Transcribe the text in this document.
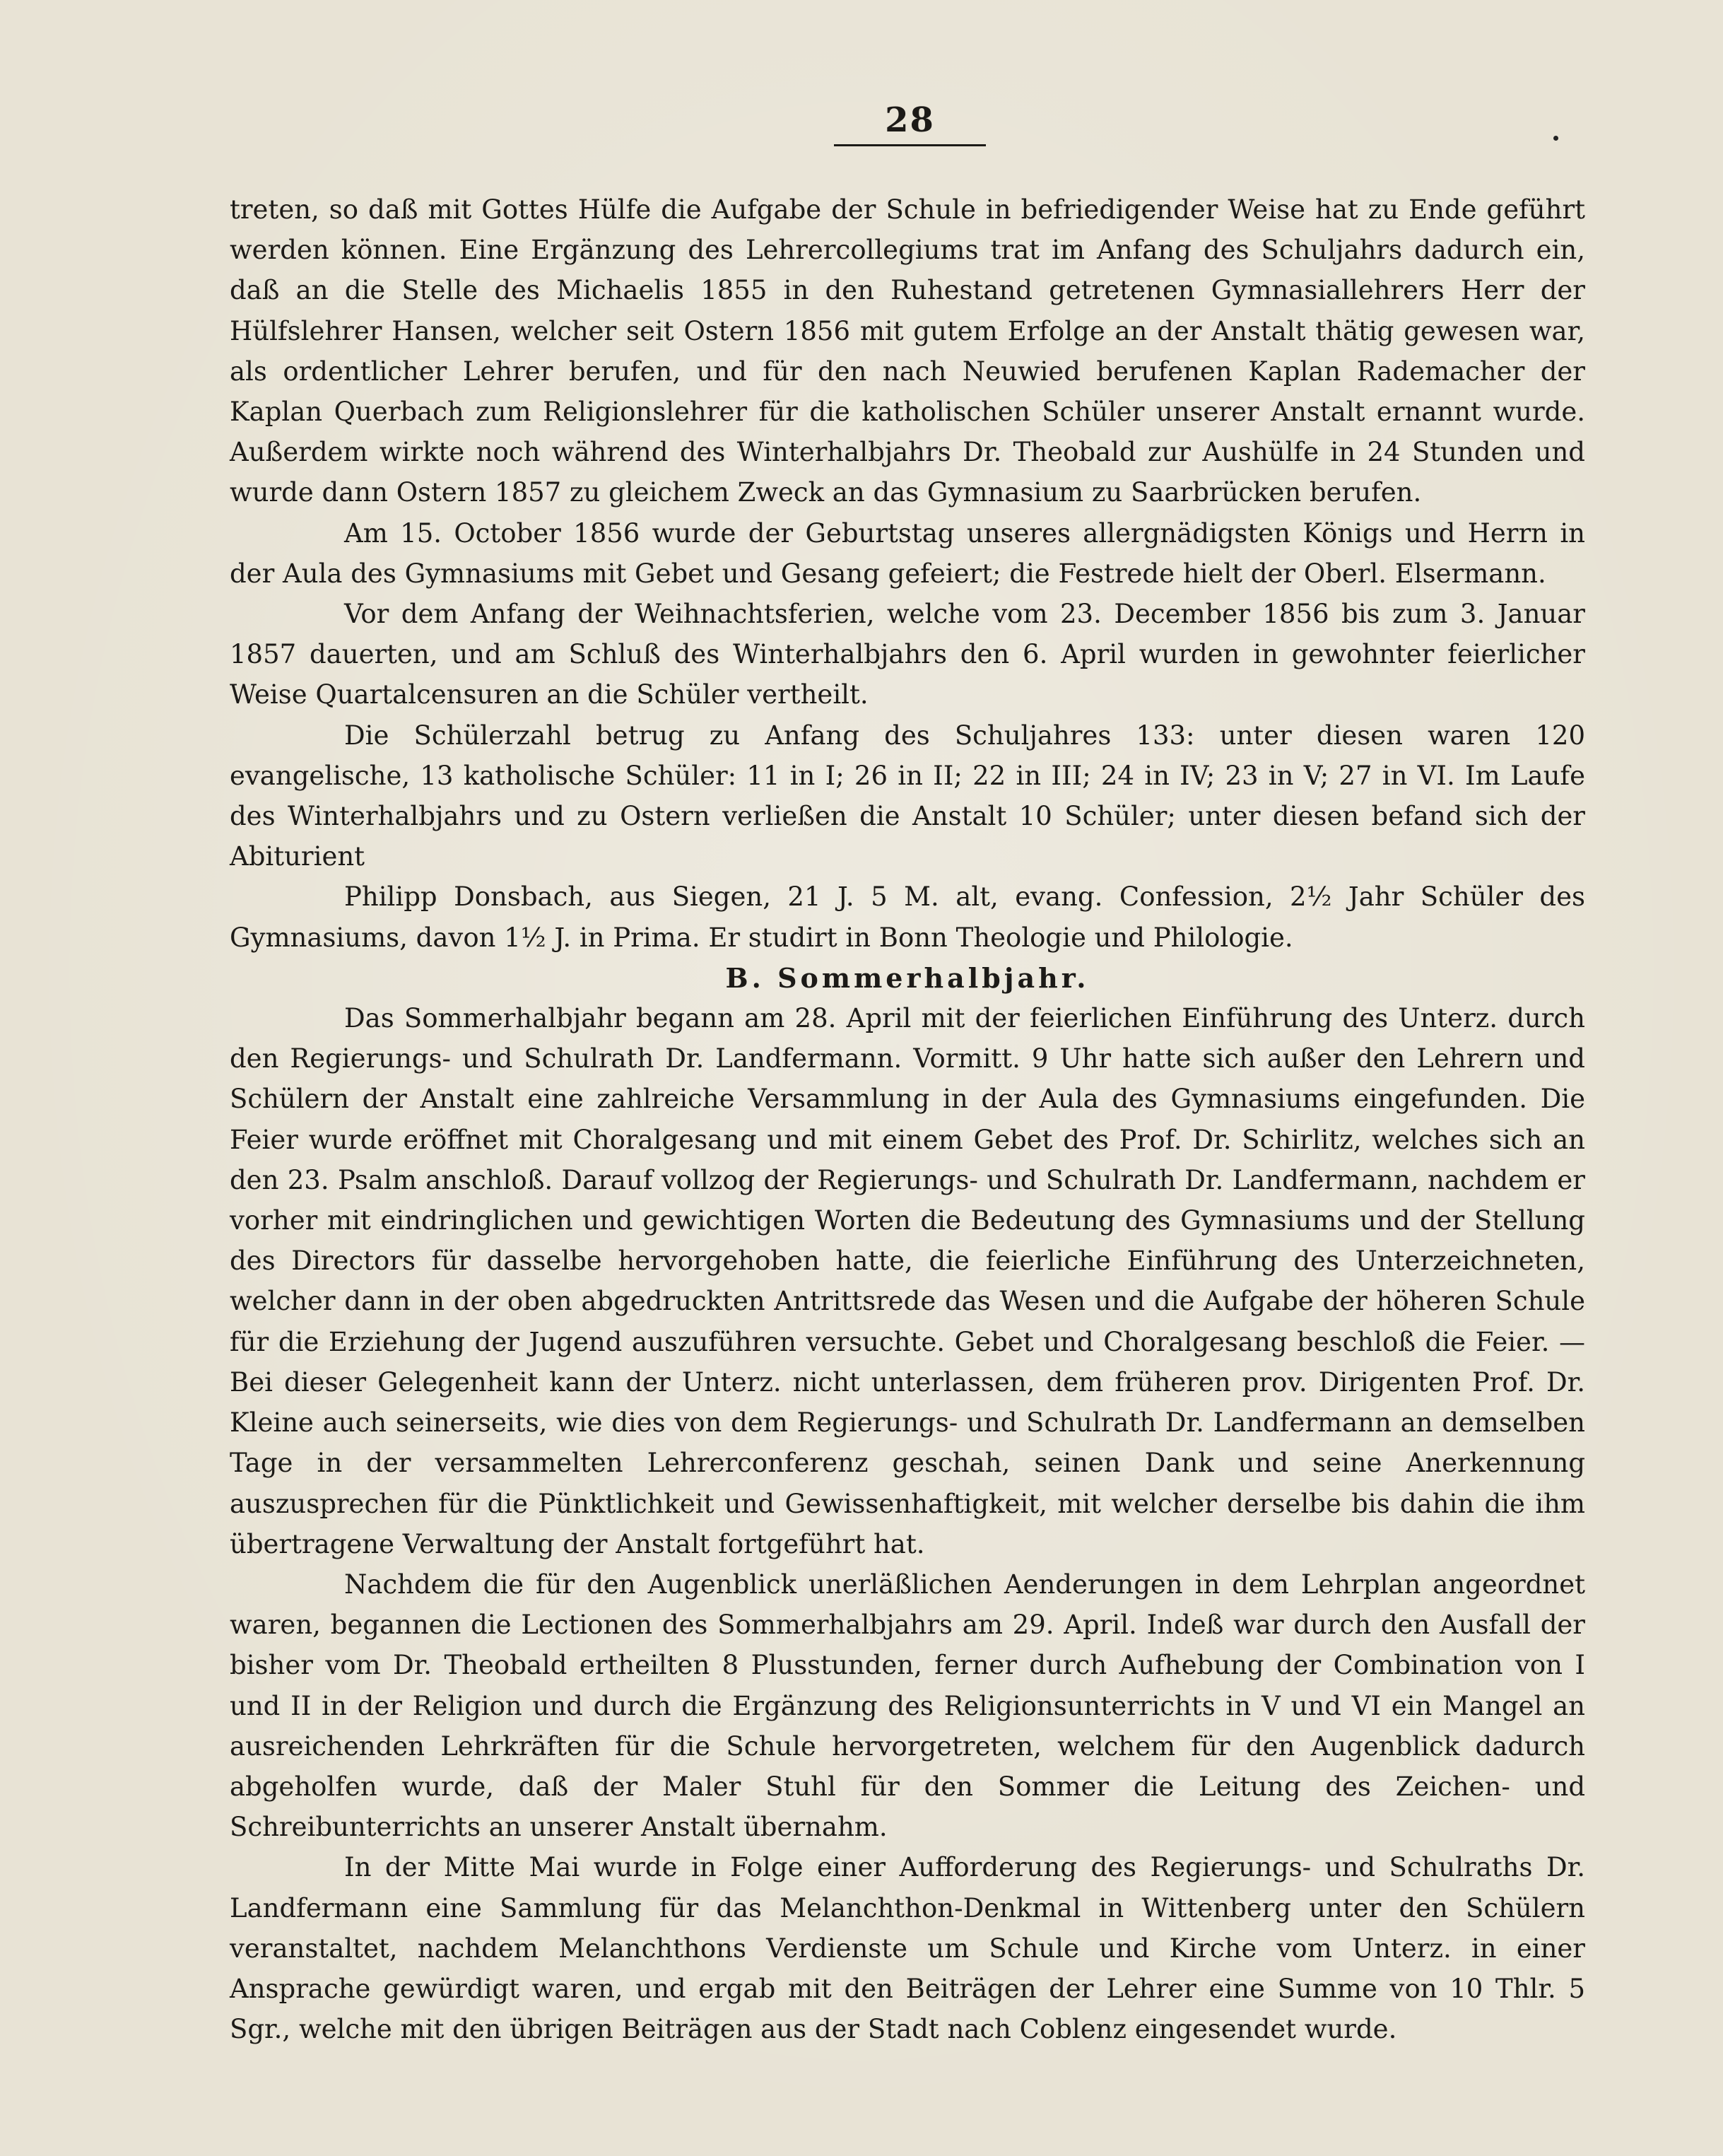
28

treten, so daß mit Gottes Hülfe die Aufgabe der Schule in befriedigender Weise hat zu Ende geführt werden können. Eine Ergänzung des Lehrercollegiums trat im Anfang des Schuljahrs dadurch ein, daß an die Stelle des Michaelis 1855 in den Ruhestand getretenen Gymnasiallehrers Herr der Hülfslehrer Hansen, welcher seit Ostern 1856 mit gutem Erfolge an der Anstalt thätig gewesen war, als ordentlicher Lehrer berufen, und für den nach Neuwied berufenen Kaplan Rademacher der Kaplan Querbach zum Religionslehrer für die katholischen Schüler unserer Anstalt ernannt wurde. Außerdem wirkte noch während des Winterhalbjahrs Dr. Theobald zur Aushülfe in 24 Stunden und wurde dann Ostern 1857 zu gleichem Zweck an das Gymnasium zu Saarbrücken berufen.

Am 15. October 1856 wurde der Geburtstag unseres allergnädigsten Königs und Herrn in der Aula des Gymnasiums mit Gebet und Gesang gefeiert; die Festrede hielt der Oberl. Elsermann.

Vor dem Anfang der Weihnachtsferien, welche vom 23. December 1856 bis zum 3. Januar 1857 dauerten, und am Schluß des Winterhalbjahrs den 6. April wurden in gewohnter feierlicher Weise Quartalcensuren an die Schüler vertheilt.

Die Schülerzahl betrug zu Anfang des Schuljahres 133: unter diesen waren 120 evangelische, 13 katholische Schüler: 11 in I; 26 in II; 22 in III; 24 in IV; 23 in V; 27 in VI. Im Laufe des Winterhalbjahrs und zu Ostern verließen die Anstalt 10 Schüler; unter diesen befand sich der Abiturient

Philipp Donsbach, aus Siegen, 21 J. 5 M. alt, evang. Confession, 2½ Jahr Schüler des Gymnasiums, davon 1½ J. in Prima. Er studirt in Bonn Theologie und Philologie.

B. Sommerhalbjahr.

Das Sommerhalbjahr begann am 28. April mit der feierlichen Einführung des Unterz. durch den Regierungs- und Schulrath Dr. Landfermann. Vormitt. 9 Uhr hatte sich außer den Lehrern und Schülern der Anstalt eine zahlreiche Versammlung in der Aula des Gymnasiums eingefunden. Die Feier wurde eröffnet mit Choralgesang und mit einem Gebet des Prof. Dr. Schirlitz, welches sich an den 23. Psalm anschloß. Darauf vollzog der Regierungs- und Schulrath Dr. Landfermann, nachdem er vorher mit eindringlichen und gewichtigen Worten die Bedeutung des Gymnasiums und der Stellung des Directors für dasselbe hervorgehoben hatte, die feierliche Einführung des Unterzeichneten, welcher dann in der oben abgedruckten Antrittsrede das Wesen und die Aufgabe der höheren Schule für die Erziehung der Jugend auszuführen versuchte. Gebet und Choralgesang beschloß die Feier. — Bei dieser Gelegenheit kann der Unterz. nicht unterlassen, dem früheren prov. Dirigenten Prof. Dr. Kleine auch seinerseits, wie dies von dem Regierungs- und Schulrath Dr. Landfermann an demselben Tage in der versammelten Lehrerconferenz geschah, seinen Dank und seine Anerkennung auszusprechen für die Pünktlichkeit und Gewissenhaftigkeit, mit welcher derselbe bis dahin die ihm übertragene Verwaltung der Anstalt fortgeführt hat.

Nachdem die für den Augenblick unerläßlichen Aenderungen in dem Lehrplan angeordnet waren, begannen die Lectionen des Sommerhalbjahrs am 29. April. Indeß war durch den Ausfall der bisher vom Dr. Theobald ertheilten 8 Plusstunden, ferner durch Aufhebung der Combination von I und II in der Religion und durch die Ergänzung des Religionsunterrichts in V und VI ein Mangel an ausreichenden Lehrkräften für die Schule hervorgetreten, welchem für den Augenblick dadurch abgeholfen wurde, daß der Maler Stuhl für den Sommer die Leitung des Zeichen- und Schreibunterrichts an unserer Anstalt übernahm.

In der Mitte Mai wurde in Folge einer Aufforderung des Regierungs- und Schulraths Dr. Landfermann eine Sammlung für das Melanchthon-Denkmal in Wittenberg unter den Schülern veranstaltet, nachdem Melanchthons Verdienste um Schule und Kirche vom Unterz. in einer Ansprache gewürdigt waren, und ergab mit den Beiträgen der Lehrer eine Summe von 10 Thlr. 5 Sgr., welche mit den übrigen Beiträgen aus der Stadt nach Coblenz eingesendet wurde.
